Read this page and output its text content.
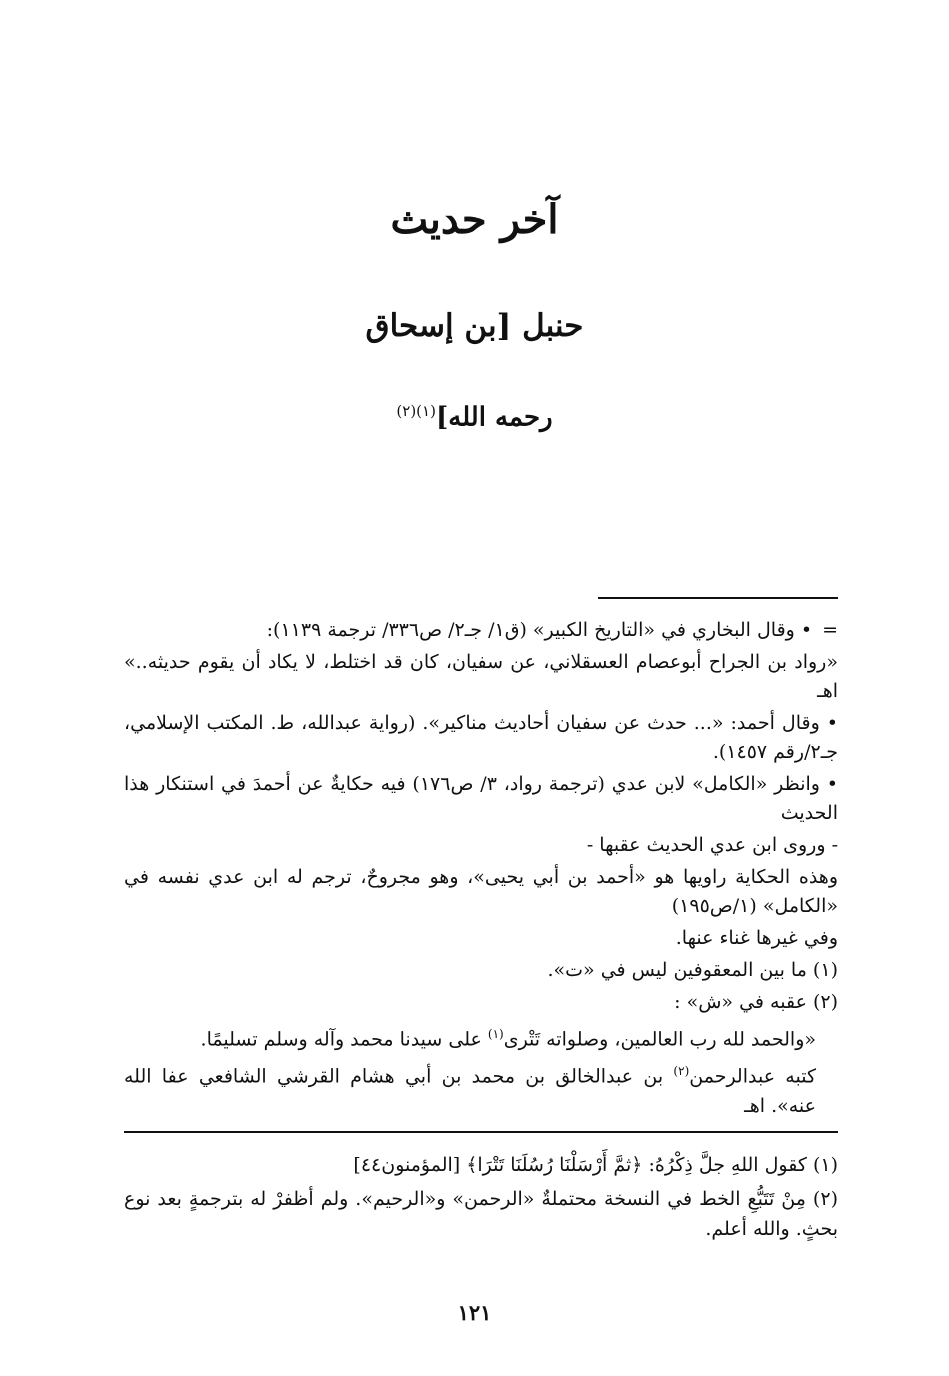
آخر حديث
حنبل [بن إسحاق
رحمه الله]$^{(١)(٢)}$

=
• وقال البخاري في «التاريخ الكبير» (ق١/ جـ٢/ ص٣٣٦/ ترجمة ١١٣٩):

«رواد بن الجراح أبوعصام العسقلاني، عن سفيان، كان قد اختلط، لا يكاد أن يقوم حديثه..» اهـ

• وقال أحمد: «... حدث عن سفيان أحاديث مناكير». (رواية عبدالله، ط. المكتب الإسلامي، جـ٢/رقم ١٤٥٧).

• وانظر «الكامل» لابن عدي (ترجمة رواد، ٣/ ص١٧٦) فيه حكايةٌ عن أحمدَ في استنكار هذا الحديث

- وروى ابن عدي الحديث عقبها -

وهذه الحكاية راويها هو «أحمد بن أبي يحيى»، وهو مجروحٌ، ترجم له ابن عدي نفسه في «الكامل» (١/ص١٩٥)

وفي غيرها غناء عنها.

(١) ما بين المعقوفين ليس في «ت».

(٢) عقبه في «ش» :

«والحمد لله رب العالمين، وصلواته تَتْرى$^{(١)}$ على سيدنا محمد وآله وسلم تسليمًا.

كتبه عبدالرحمن$^{(٢)}$ بن عبدالخالق بن محمد بن أبي هشام القرشي الشافعي عفا الله عنه». اهـ

(١) كقول اللهِ جلَّ ذِكْرُهُ: ﴿ثمَّ أَرْسَلْنَا رُسُلَنَا تَتْرَا﴾ [المؤمنون٤٤]

(٢) مِنْ تَتَبُّعِ الخط في النسخة محتملةٌ «الرحمن» و«الرحيم». ولم أظفرْ له بترجمةٍ بعد نوع بحثٍ. والله أعلم.

١٢١
